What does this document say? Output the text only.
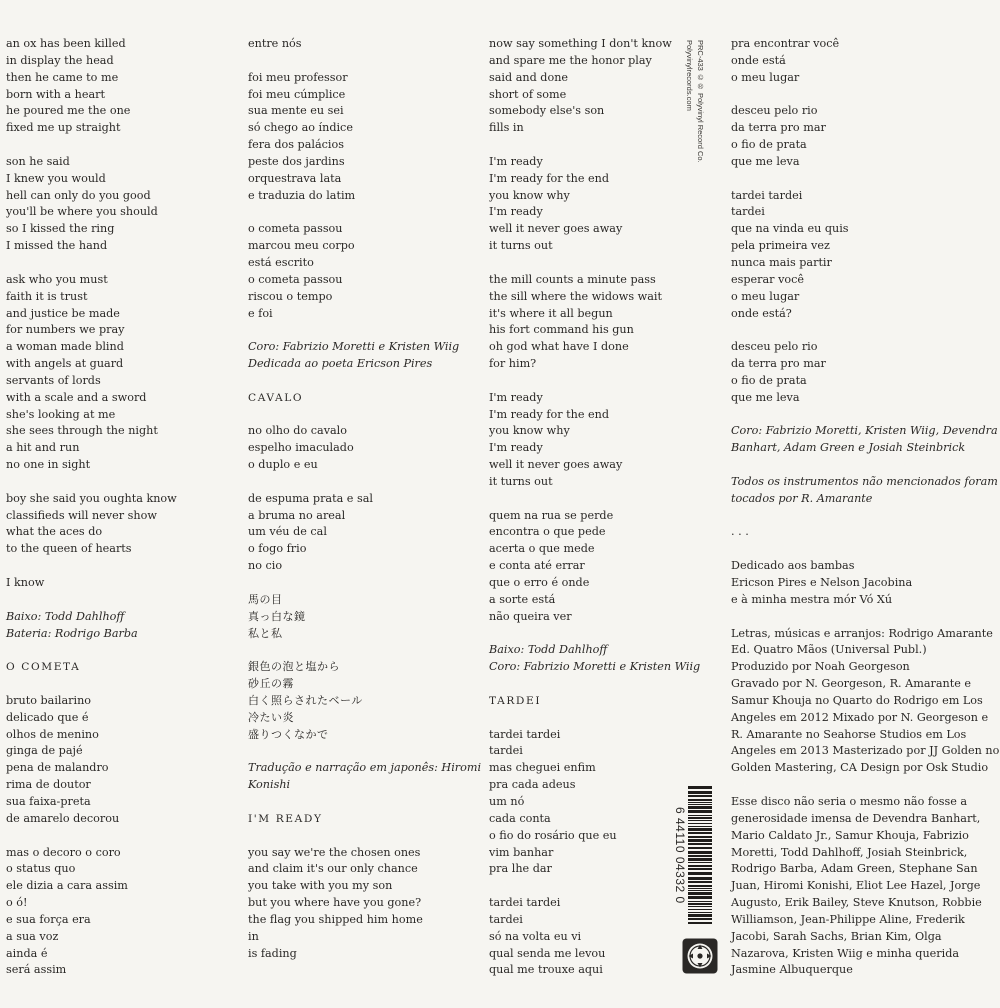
an ox has been killed
in display the head
then he came to me
born with a heart
he poured me the one
fixed me up straight
son he said
I knew you would
hell can only do you good
you'll be where you should
so I kissed the ring
I missed the hand
ask who you must
faith it is trust
and justice be made
for numbers we pray
a woman made blind
with angels at guard
servants of lords
with a scale and a sword
she's looking at me
she sees through the night
a hit and run
no one in sight
boy she said you oughta know
classifieds will never show
what the aces do
to the queen of hearts
I know
Baixo: Todd Dahlhoff
Bateria: Rodrigo Barba
O COMETA
bruto bailarino
delicado que é
olhos de menino
ginga de pajé
pena de malandro
rima de doutor
sua faixa-preta
de amarelo decorou
mas o decoro o coro
o status quo
ele dizia a cara assim
o ó!
e sua força era
a sua voz
ainda é
será assim
entre nós
foi meu professor
foi meu cúmplice
sua mente eu sei
só chego ao índice
fera dos palácios
peste dos jardins
orquestrava lata
e traduzia do latim
o cometa passou
marcou meu corpo
está escrito
o cometa passou
riscou o tempo
e foi
Coro: Fabrizio Moretti e Kristen Wiig
Dedicada ao poeta Ericson Pires
CAVALO
no olho do cavalo
espelho imaculado
o duplo e eu
de espuma prata e sal
a bruma no areal
um véu de cal
o fogo frio
no cio
馬の目
真っ白な鏡
私と私
銀色の泡と塩から
砂丘の霧
白く照らされたベール
冷たい炎
盛りつくなかで
Tradução e narração em japonês: Hiromi
Konishi
I'M READY
you say we're the chosen ones
and claim it's our only chance
you take with you my son
but you where have you gone?
the flag you shipped him home
in
is fading
now say something I don't know
and spare me the honor play
said and done
short of some
somebody else's son
fills in
I'm ready
I'm ready for the end
you know why
I'm ready
well it never goes away
it turns out
the mill counts a minute pass
the sill where the widows wait
it's where it all begun
his fort command his gun
oh god what have I done
for him?
I'm ready
I'm ready for the end
you know why
I'm ready
well it never goes away
it turns out
quem na rua se perde
encontra o que pede
acerta o que mede
e conta até errar
que o erro é onde
a sorte está
não queira ver
Baixo: Todd Dahlhoff
Coro: Fabrizio Moretti e Kristen Wiig
TARDEI
tardei tardei
tardei
mas cheguei enfim
pra cada adeus
um nó
cada conta
o fio do rosário que eu
vim banhar
pra lhe dar
tardei tardei
tardei
só na volta eu vi
qual senda me levou
qual me trouxe aqui
pra encontrar você
onde está
o meu lugar
desceu pelo rio
da terra pro mar
o fio de prata
que me leva
tardei tardei
tardei
que na vinda eu quis
pela primeira vez
nunca mais partir
esperar você
o meu lugar
onde está?
desceu pelo rio
da terra pro mar
o fio de prata
que me leva
Coro: Fabrizio Moretti, Kristen Wiig, Devendra
Banhart, Adam Green e Josiah Steinbrick
Todos os instrumentos não mencionados foram
tocados por R. Amarante
. . .
Dedicado aos bambas
Ericson Pires e Nelson Jacobina
e à minha mestra mór Vó Xú
Letras, músicas e arranjos: Rodrigo Amarante
Ed. Quatro Mãos (Universal Publ.)
Produzido por Noah Georgeson
Gravado por N. Georgeson, R. Amarante e
Samur Khouja no Quarto do Rodrigo em Los
Angeles em 2012 Mixado por N. Georgeson e
R. Amarante no Seahorse Studios em Los
Angeles em 2013 Masterizado por JJ Golden no
Golden Mastering, CA Design por Osk Studio
Esse disco não seria o mesmo não fosse a
generosidade imensa de Devendra Banhart,
Mario Caldato Jr., Samur Khouja, Fabrizio
Moretti, Todd Dahlhoff, Josiah Steinbrick,
Rodrigo Barba, Adam Green, Stephane San
Juan, Hiromi Konishi, Eliot Lee Hazel, Jorge
Augusto, Erik Bailey, Steve Knutson, Robbie
Williamson, Jean-Philippe Aline, Frederik
Jacobi, Sarah Sachs, Brian Kim, Olga
Nazarova, Kristen Wiig e minha querida
Jasmine Albuquerque
PRC-433 ©® Polyvinyl Record Co.
Polyvinylrecords.com
6 44110 04332 0
